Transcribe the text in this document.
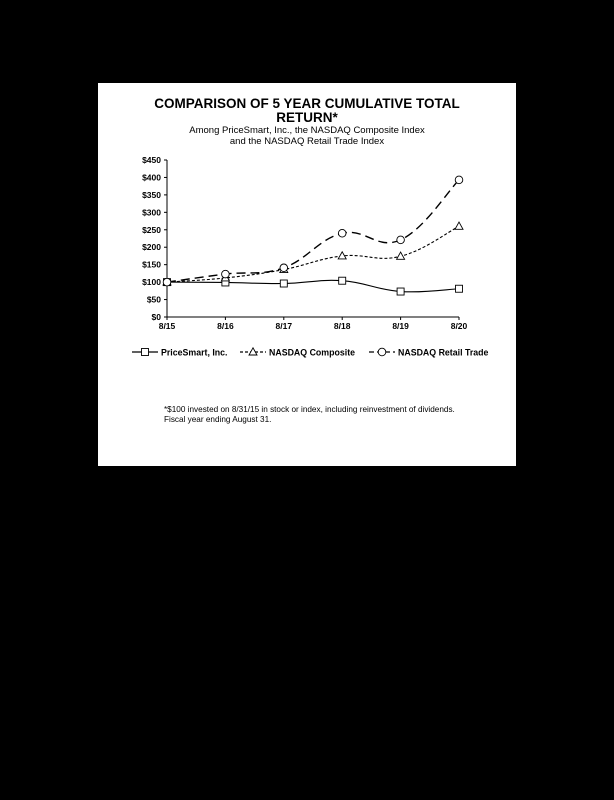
COMPARISON OF 5 YEAR CUMULATIVE TOTAL
RETURN*
Among PriceSmart, Inc., the NASDAQ Composite Index
and the NASDAQ Retail Trade Index
$0
$50
$100
$150
$200
$250
$300
$350
$400
$450
8/15	8/16	8/17	8/18	8/19	8/20
PriceSmart, Inc.	NASDAQ Composite	NASDAQ Retail Trade
*$100 invested on 8/31/15 in stock or index, including reinvestment of dividends.
Fiscal year ending August 31.
